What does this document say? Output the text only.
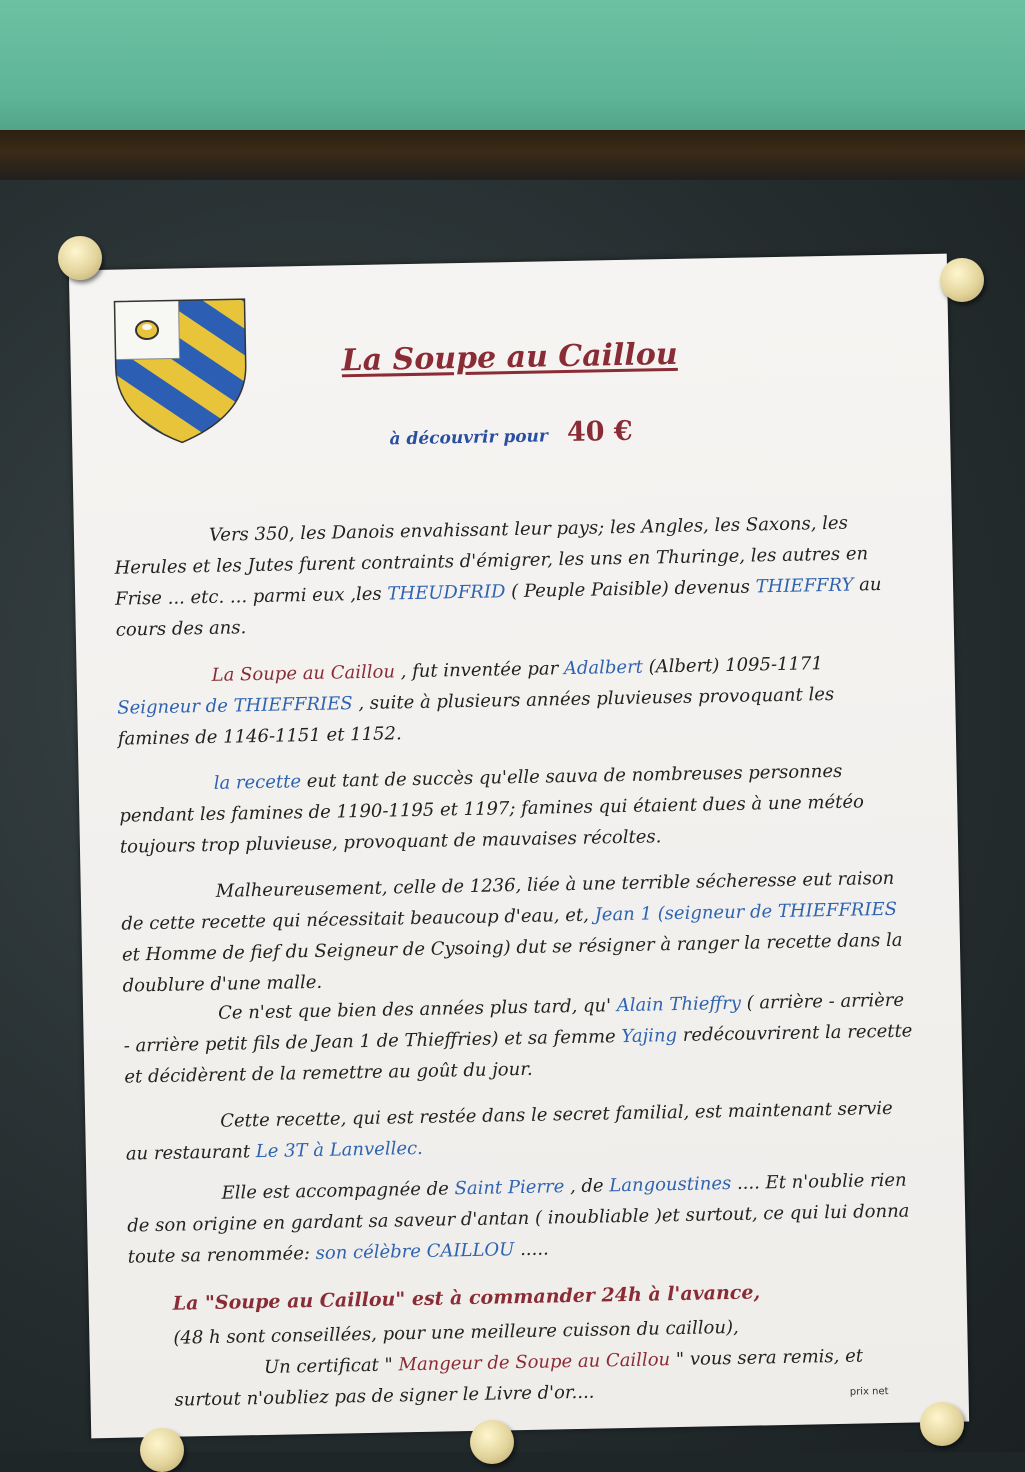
La Soupe au Caillou
à découvrir pour 40 €

Vers 350, les Danois envahissant leur pays; les Angles, les Saxons, les Herules et les Jutes furent contraints d'émigrer, les uns en Thuringe, les autres en Frise ... etc. ... parmi eux ,les THEUDFRID ( Peuple Paisible) devenus THIEFFRY au cours des ans.

La Soupe au Caillou , fut inventée par Adalbert (Albert) 1095-1171 Seigneur de THIEFFRIES , suite à plusieurs années pluvieuses provoquant les famines de 1146-1151 et 1152.

la recette eut tant de succès qu'elle sauva de nombreuses personnes pendant les famines de 1190-1195 et 1197; famines qui étaient dues à une météo toujours trop pluvieuse, provoquant de mauvaises récoltes.

Malheureusement, celle de 1236, liée à une terrible sécheresse eut raison de cette recette qui nécessitait beaucoup d'eau, et, Jean 1 (seigneur de THIEFFRIES et Homme de fief du Seigneur de Cysoing) dut se résigner à ranger la recette dans la doublure d'une malle.

Ce n'est que bien des années plus tard, qu' Alain Thieffry ( arrière - arrière - arrière petit fils de Jean 1 de Thieffries) et sa femme Yajing redécouvrirent la recette et décidèrent de la remettre au goût du jour.

Cette recette, qui est restée dans le secret familial, est maintenant servie au restaurant Le 3T à Lanvellec.

Elle est accompagnée de Saint Pierre , de Langoustines .... Et n'oublie rien de son origine en gardant sa saveur d'antan ( inoubliable )et surtout, ce qui lui donna toute sa renommée: son célèbre CAILLOU .....

La "Soupe au Caillou" est à commander 24h à l'avance,
(48 h sont conseillées, pour une meilleure cuisson du caillou),
Un certificat " Mangeur de Soupe au Caillou " vous sera remis, et
surtout n'oubliez pas de signer le Livre d'or....	prix net
